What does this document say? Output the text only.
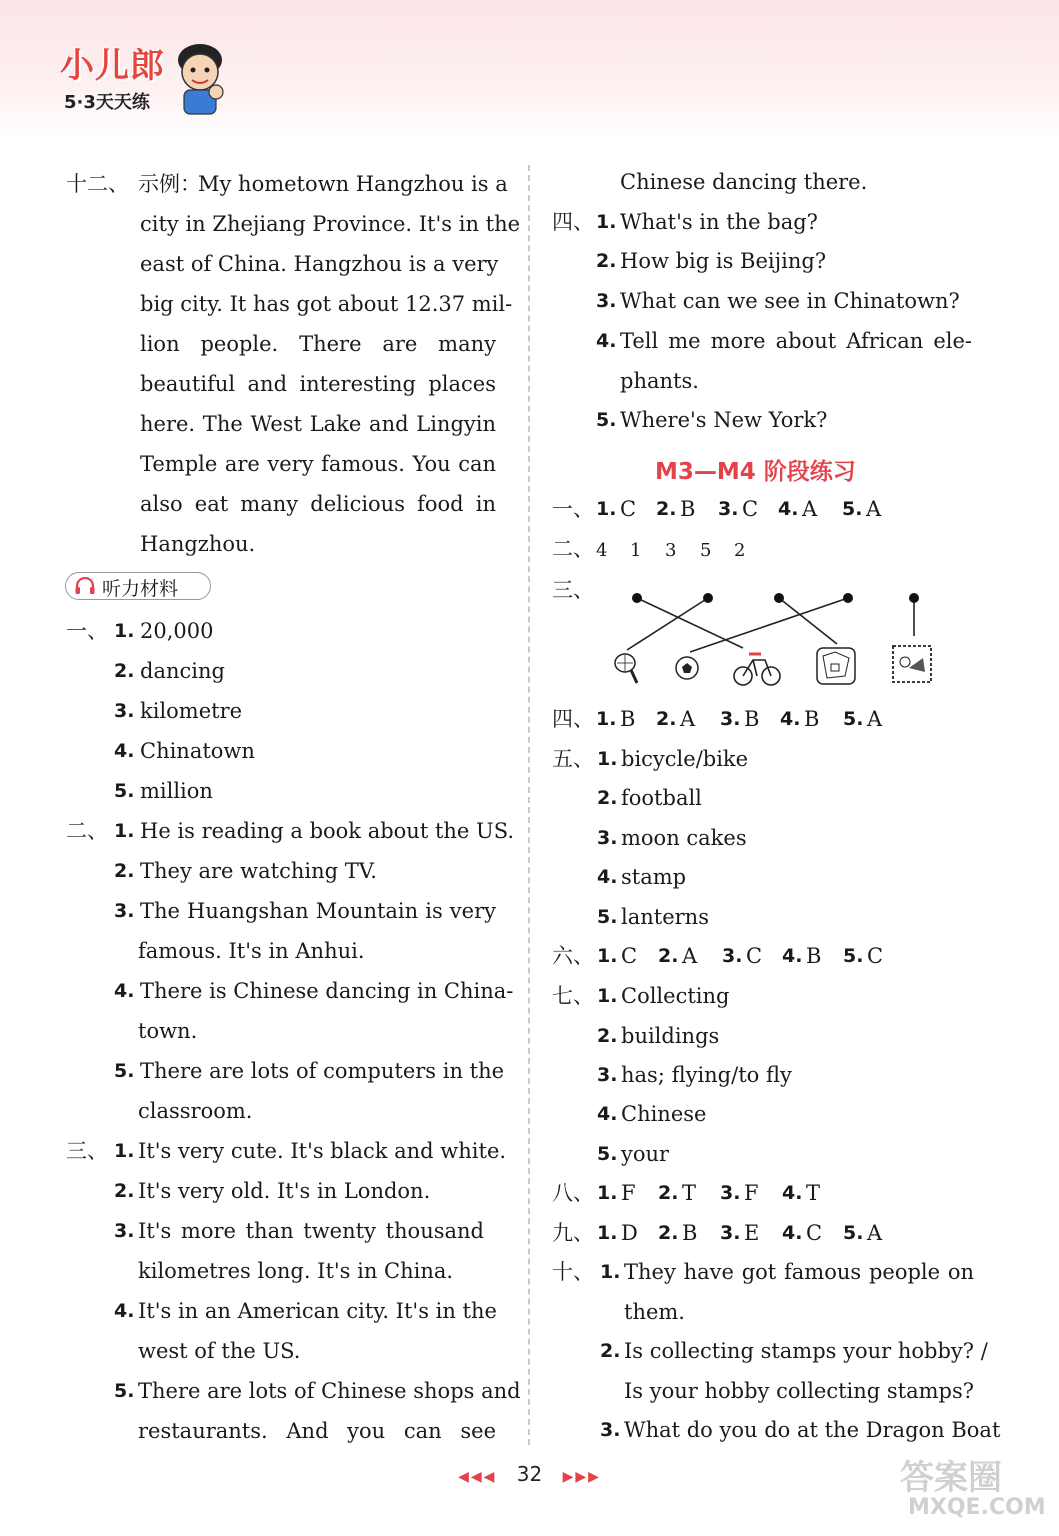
小儿郎
5·3天天练
十二、 示例：
My hometown Hangzhou is a
city in Zhejiang Province. It's in the
east of China. Hangzhou is a very
big city. It has got about 12.37 mil-
lion people. There are many
beautiful and interesting places
here. The West Lake and Lingyin
Temple are very famous. You can
also eat many delicious food in
Hangzhou.
听力材料
一、 1. 20,000
2. dancing
3. kilometre
4. Chinatown
5. million
二、 1. He is reading a book about the US.
2. They are watching TV.
3. The Huangshan Mountain is very
famous. It's in Anhui.
4. There is Chinese dancing in China-
town.
5. There are lots of computers in the
classroom.
三、 1. It's very cute. It's black and white.
2. It's very old. It's in London.
3. It's more than twenty thousand
kilometres long. It's in China.
4. It's in an American city. It's in the
west of the US.
5. There are lots of Chinese shops and
restaurants. And you can see
Chinese dancing there.
四、 1. What's in the bag?
2. How big is Beijing?
3. What can we see in Chinatown?
4. Tell me more about African ele-
phants.
5. Where's New York?
M3—M4 阶段练习
一、 1. C 2. B 3. C 4. A 5. A
二、 4 1 3 5 2
三、
四、 1. B 2. A 3. B 4. B 5. A
五、 1. bicycle/bike
2. football
3. moon cakes
4. stamp
5. lanterns
六、 1. C 2. A 3. C 4. B 5. C
七、 1. Collecting
2. buildings
3. has; flying/to fly
4. Chinese
5. your
八、 1. F 2. T 3. F 4. T
九、 1. D 2. B 3. E 4. C 5. A
十、 1. They have got famous people on
them.
2. Is collecting stamps your hobby? /
Is your hobby collecting stamps?
3. What do you do at the Dragon Boat
◀◀◀ 32 ▶▶▶	答案圈
MXQE.COM
